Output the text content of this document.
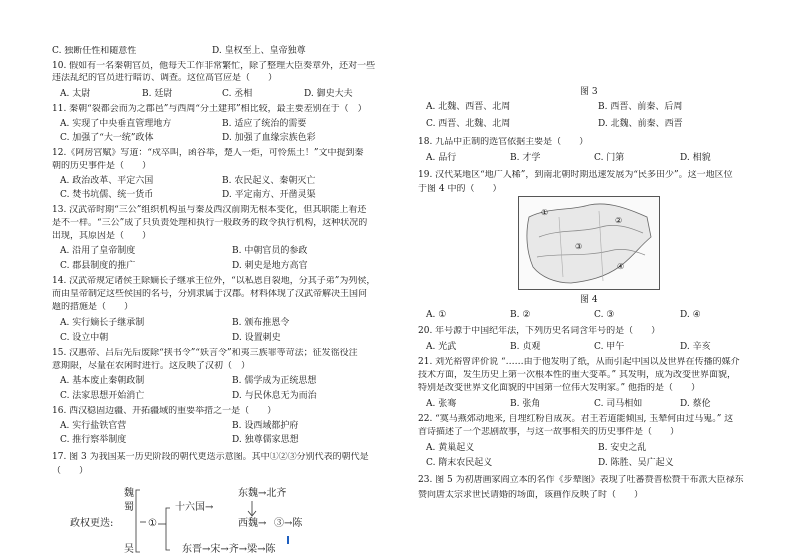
C. 独断任性和随意性	D. 皇权至上、皇帝独尊
10. 假如有一名秦朝官员，他每天工作非常繁忙，除了整理大臣奏章外，还对一些
违法乱纪的官员进行暗访、调查。这位高官应是（　　）
A. 太尉	B. 廷尉	C. 丞相	D. 御史大夫
11. 秦朝“裂都会而为之郡邑”与西周“分土建邦”相比较，最主要差别在于（　）
A. 实现了中央垂直管理地方	B. 适应了统治的需要
C. 加强了“大一统”政体	D. 加强了血缘宗族色彩
12.《阿房宫赋》写道：“戍卒叫，函谷举，楚人一炬，可怜焦土！”文中提到秦
朝的历史事件是（　　）
A. 政治改革、平定六国	B. 农民起义、秦朝灭亡
C. 焚书坑儒、统一货币	D. 平定南方、开凿灵渠
13. 汉武帝时期“三公”组织机构虽与秦及西汉前期无根本变化，但其职能上看还
是不一样。“三公”成了只负责处理和执行一般政务的政令执行机构，这种状况的
出现，其原因是（　　）
A. 沿用了皇帝制度	B. 中朝官员的参政
C. 郡县制度的推广	D. 刺史是地方高官
14. 汉武帝规定诸侯王除嫡长子继承王位外，“以私恩自裂地，分其子弟”为列侯，
而由皇帝制定这些侯国的名号，分别隶属于汉郡。材料体现了汉武帝解决王国问
题的措施是（　　）
A. 实行嫡长子继承制	B. 颁布推恩令
C. 设立中朝	D. 设置刺史
15. 汉惠帝、吕后先后废除“挟书令”“妖言令”和夷三族罪等苛法；征发徭役注
意期限，尽量在农闲时进行。这反映了汉初（　）
A. 基本废止秦朝政制	B. 儒学成为正统思想
C. 法家思想开始消亡	D. 与民休息无为而治
16. 西汉稳固边疆、开拓疆域的重要举措之一是（　　）
A. 实行盐铁官营	B. 设西域都护府
C. 推行察举制度	D. 独尊儒家思想
17. 图 3 为我国某一历史阶段的朝代更迭示意图。其中①②③分别代表的朝代是
（　　）
魏
蜀
政权更迭:	①
十六国→
东魏→北齐
西魏→ ③→陈
吴	东晋→宋→齐→梁→陈
图 3
A. 北魏、西晋、北周	B. 西晋、前秦、后周
C. 西晋、北魏、北周	D. 北魏、前秦、西晋
18. 九品中正制的选官依据主要是（　　）
A. 品行	B. 才学	C. 门第	D. 相貌
19. 汉代某地区“地广人稀”，到南北朝时期迅速发展为“民多田少”。这一地区位
于图 4 中的（　　）
①
②
③
④
图 4
A. ①	B. ②	C. ③	D. ④
20. 年号源于中国纪年法，下列历史名词含年号的是（　　）
A. 光武	B. 贞观	C. 甲午	D. 辛亥
21. 刘光裕曾评价说 “……由于他发明了纸，从而引起中国以及世界在传播的媒介
技术方面，发生历史上第一次根本性的重大变革。” 其发明，成为改变世界面貌，
特别是改变世界文化面貌的中国第一位伟大发明家。” 他指的是（　　）
A. 张骞	B. 张角	C. 司马相如	D. 蔡伦
22. “寞马燕郊动地来, 自埋红粉自成灰。君王若道能倾国, 玉辇何由过马嵬。” 这
首诗描述了一个悲剧故事，与这一故事相关的历史事件是（　　）
A. 黄巢起义	B. 安史之乱
C. 隋末农民起义	D. 陈胜、吴广起义
23. 图 5 为初唐画家阎立本的名作《步辇图》表现了吐蕃赞普松赞干布派大臣禄东
赞向唐太宗求世民请婚的场面，该画作反映了时（　　）
